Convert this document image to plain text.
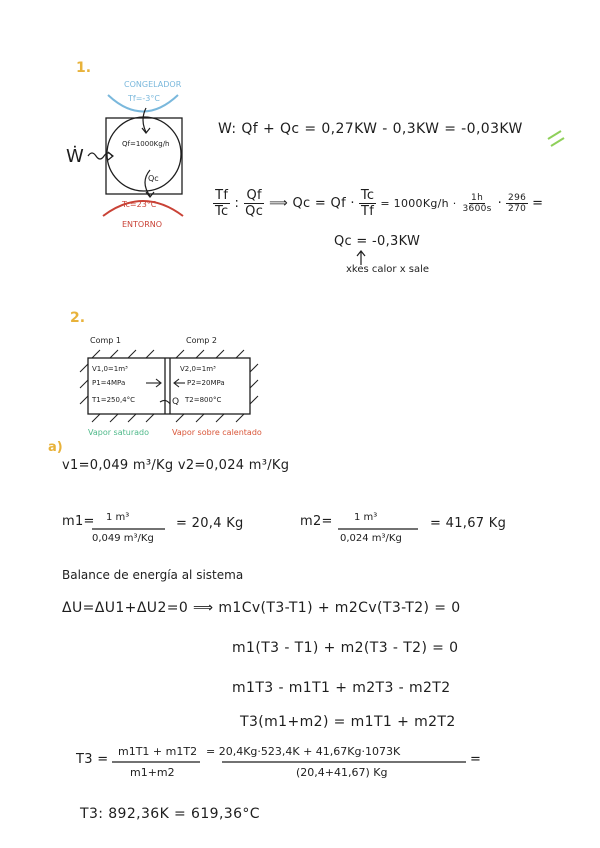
1.
CONGELADOR
Tf=-3°C
Qf=1000Kg/h
Ẇ
Qc
Tc=23°C
ENTORNO
W: Qf + Qc = 0,27KW - 0,3KW = -0,03KW
$\frac{Tf}{Tc}$ : $\frac{Qf}{Qc}$ ⟹ $Qc = Qf \cdot \frac{Tc}{Tf} = 1000Kg/h \cdot \frac{1h}{3600s} \cdot \frac{296}{270}$ =
Qc = -0,3KW
xkes calor x sale
2.
Comp 1	Comp 2
V1,0=1m³
P1=4MPa
T1=250,4°C
V2,0=1m³
P2=20MPa
T2=800°C
Q
Vapor saturado	Vapor sobre calentado
a)
v1=0,049 m³/Kg v2=0,024 m³/Kg
m1= 1 m³
0,049 m³/Kg
= 20,4 Kg	m2= 1 m³
0,024 m³/Kg
= 41,67 Kg
Balance de energía al sistema
ΔU=ΔU1+ΔU2=0 ⟹ m1Cv(T3-T1) + m2Cv(T3-T2) = 0
m1(T3 - T1) + m2(T3 - T2) = 0
m1T3 - m1T1 + m2T3 - m2T2
T3(m1+m2) = m1T1 + m2T2
T3 =
m1T1 + m1T2
m1+m2
= 20,4Kg·523,4K + 41,67Kg·1073K
(20,4+41,67) Kg
=
T3: 892,36K = 619,36°C
